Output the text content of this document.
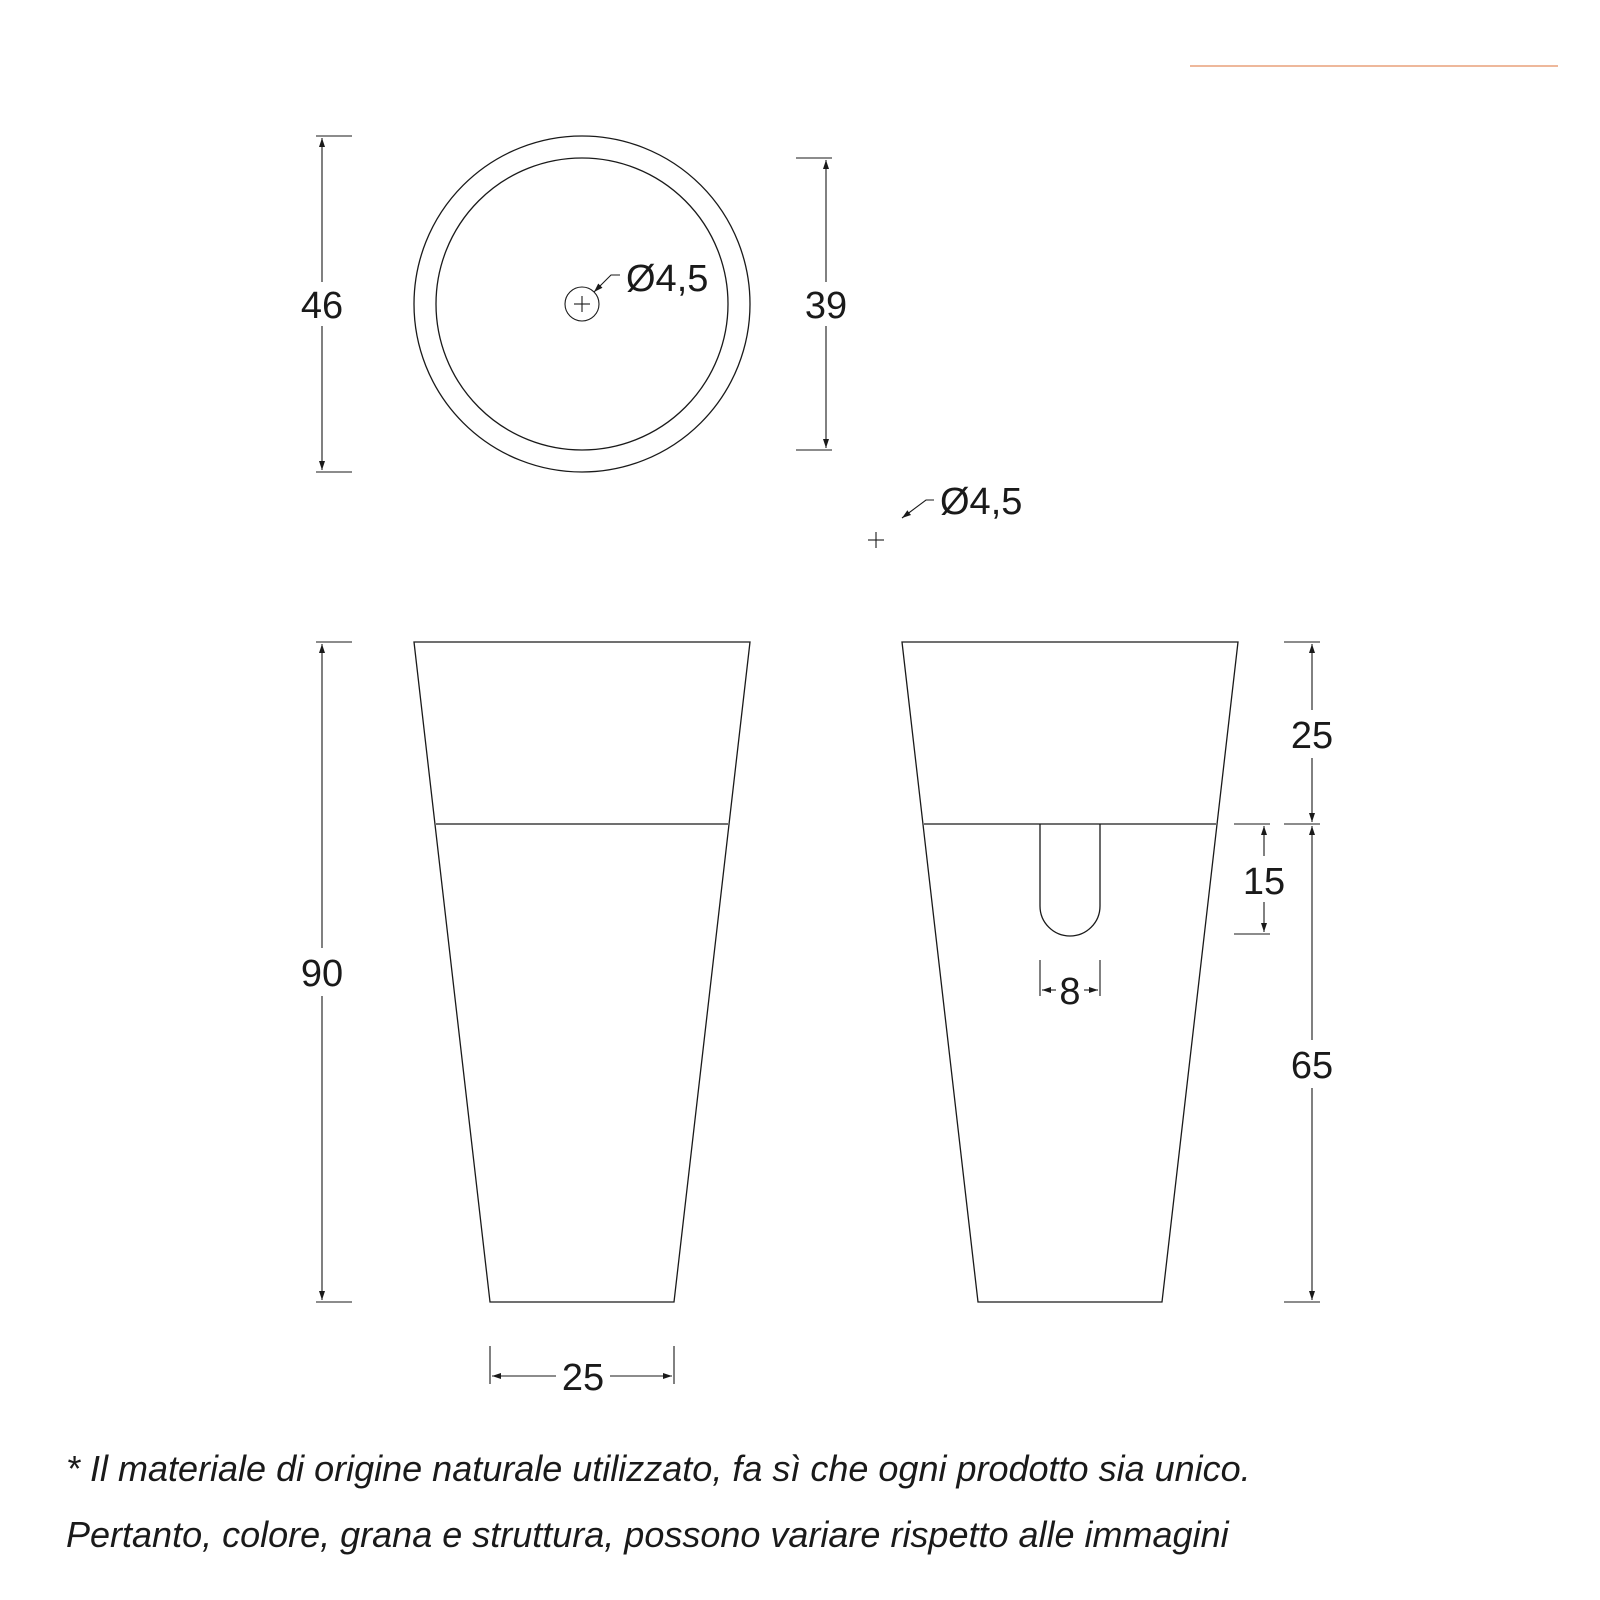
Ø4,5
46	39
Ø4,5
90
25
25
65
15
8

* Il materiale di origine naturale utilizzato, fa sì che ogni prodotto sia unico.

Pertanto, colore, grana e struttura, possono variare rispetto alle immagini
